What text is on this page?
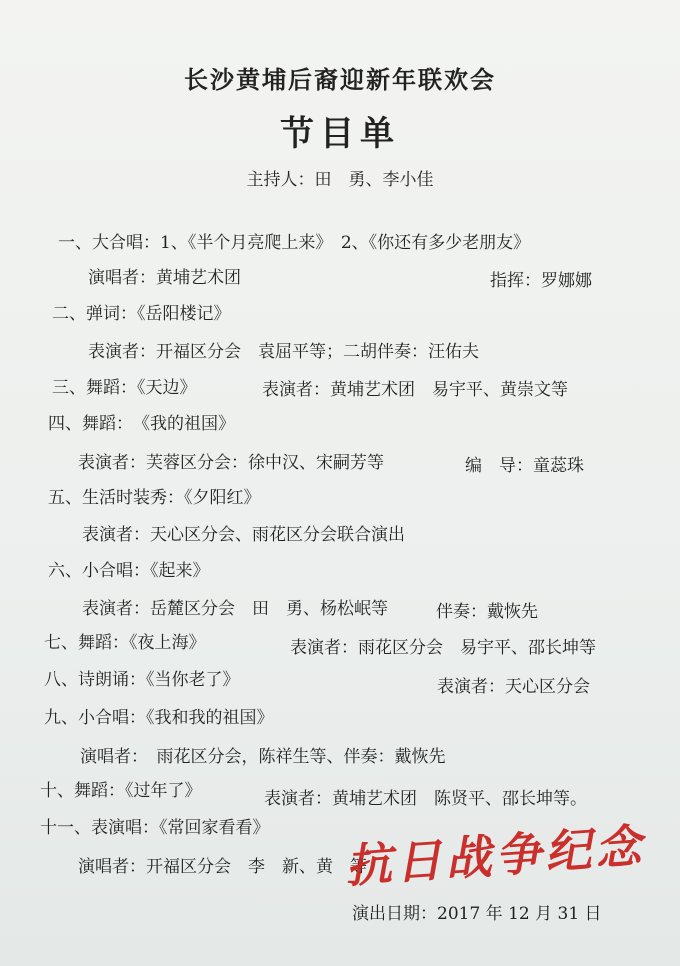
长沙黄埔后裔迎新年联欢会
节目单
主持人：田　勇、李小佳
一、大合唱：1、《半个月亮爬上来》　2、《你还有多少老朋友》
演唱者：黄埔艺术团	指挥：罗娜娜
二、弹词：《岳阳楼记》
表演者：开福区分会　袁屈平等；二胡伴奏：汪佑夫
三、舞蹈：《天边》	表演者：黄埔艺术团　易宇平、黄崇文等
四、舞蹈：　《我的祖国》
表演者：芙蓉区分会：徐中汉、宋嗣芳等	编　导：童蕊珠
五、生活时装秀：《夕阳红》
表演者：天心区分会、雨花区分会联合演出
六、小合唱：《起来》
表演者：岳麓区分会　田　勇、杨松岷等	伴奏：戴恢先
七、舞蹈：《夜上海》	表演者：雨花区分会　易宇平、邵长坤等
八、诗朗诵：《当你老了》	表演者：天心区分会
九、小合唱：《我和我的祖国》
演唱者：　雨花区分会，陈祥生等、伴奏：戴恢先
十、舞蹈：《过年了》	表演者：黄埔艺术团　陈贤平、邵长坤等。
十一、表演唱：《常回家看看》
演唱者：开福区分会　李　新、黄　等
演出日期：2017 年 12 月 31 日
抗日战争纪念
